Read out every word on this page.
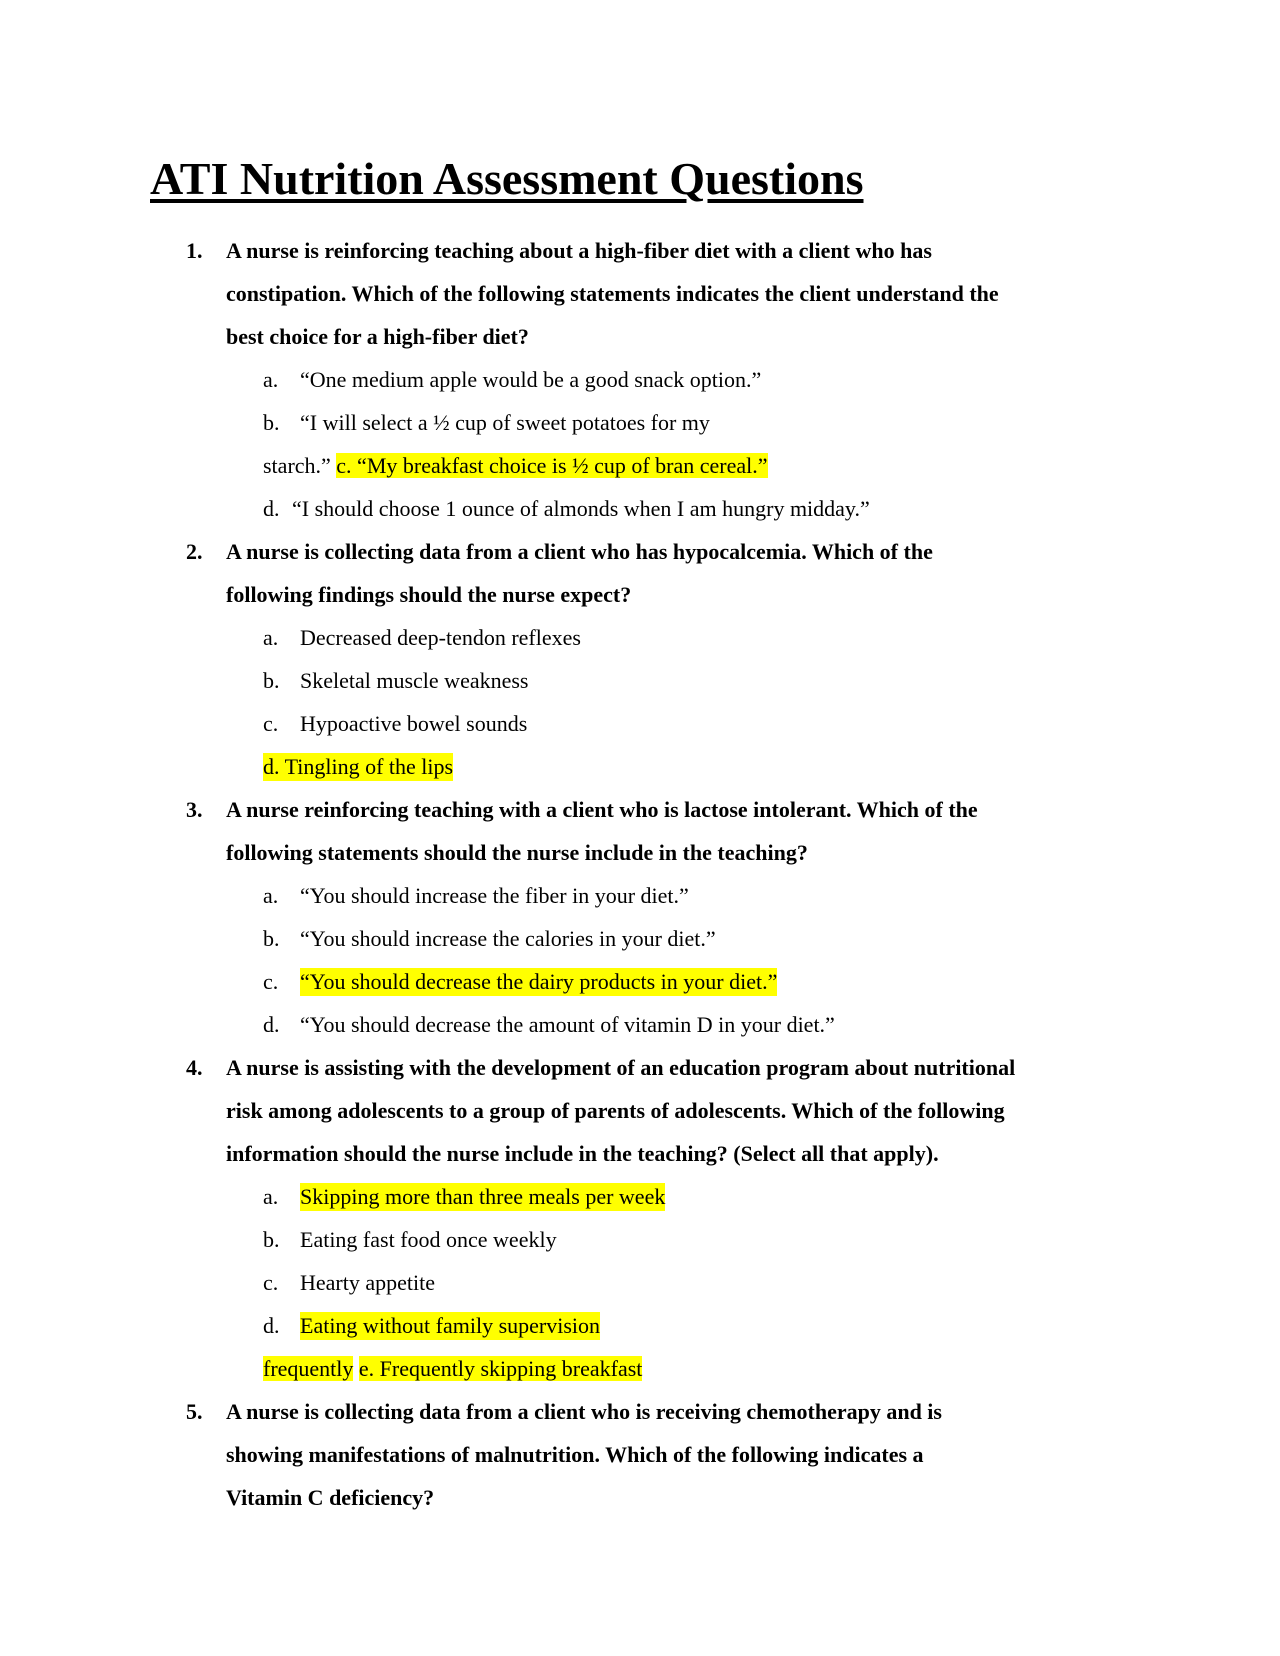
ATI Nutrition Assessment Questions
1. A nurse is reinforcing teaching about a high-fiber diet with a client who has
constipation. Which of the following statements indicates the client understand the
best choice for a high-fiber diet?
a. “One medium apple would be a good snack option.”
b. “I will select a ½ cup of sweet potatoes for my
starch.” c. “My breakfast choice is ½ cup of bran cereal.”
d. “I should choose 1 ounce of almonds when I am hungry midday.”
2. A nurse is collecting data from a client who has hypocalcemia. Which of the
following findings should the nurse expect?
a. Decreased deep-tendon reflexes
b. Skeletal muscle weakness
c. Hypoactive bowel sounds
d. Tingling of the lips
3. A nurse reinforcing teaching with a client who is lactose intolerant. Which of the
following statements should the nurse include in the teaching?
a. “You should increase the fiber in your diet.”
b. “You should increase the calories in your diet.”
c. “You should decrease the dairy products in your diet.”
d. “You should decrease the amount of vitamin D in your diet.”
4. A nurse is assisting with the development of an education program about nutritional
risk among adolescents to a group of parents of adolescents. Which of the following
information should the nurse include in the teaching? (Select all that apply).
a. Skipping more than three meals per week
b. Eating fast food once weekly
c. Hearty appetite
d. Eating without family supervision
frequently e. Frequently skipping breakfast
5. A nurse is collecting data from a client who is receiving chemotherapy and is
showing manifestations of malnutrition. Which of the following indicates a
Vitamin C deficiency?
